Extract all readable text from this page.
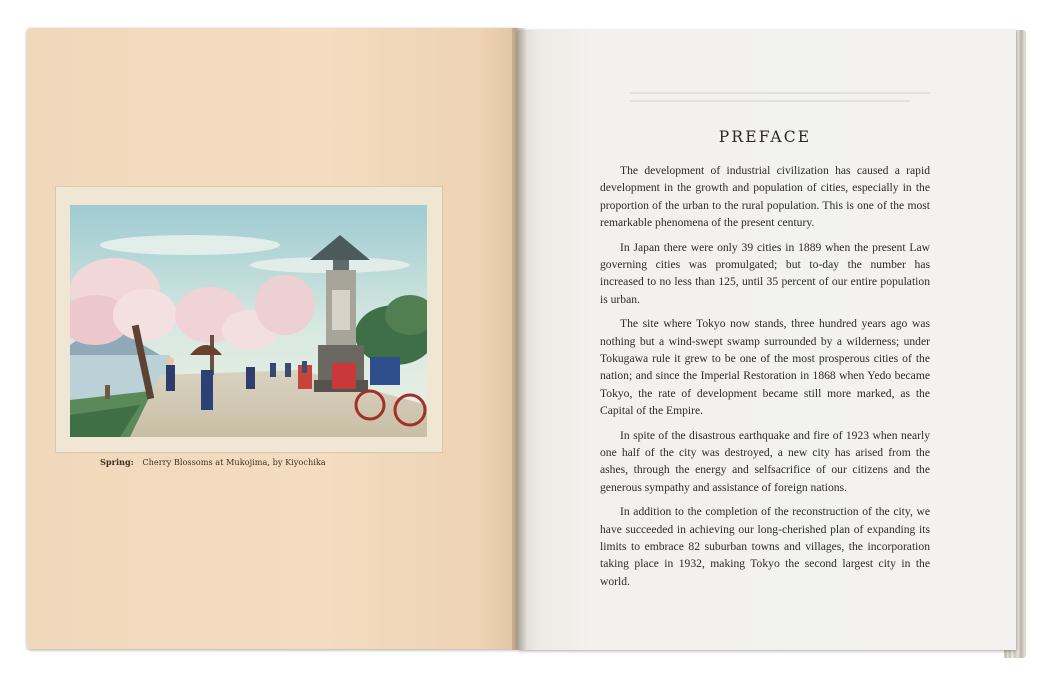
Spring: Cherry Blossoms at Mukojima, by Kiyochika
PREFACE

The development of industrial civilization has caused a rapid development in the growth and population of cities, especially in the proportion of the urban to the rural population. This is one of the most remarkable phenomena of the present century.

In Japan there were only 39 cities in 1889 when the present Law governing cities was promulgated; but to-day the number has increased to no less than 125, until 35 percent of our entire population is urban.

The site where Tokyo now stands, three hundred years ago was nothing but a wind-swept swamp surrounded by a wilderness; under Tokugawa rule it grew to be one of the most prosperous cities of the nation; and since the Imperial Restoration in 1868 when Yedo became Tokyo, the rate of development became still more marked, as the Capital of the Empire.

In spite of the disastrous earthquake and fire of 1923 when nearly one half of the city was destroyed, a new city has arised from the ashes, through the energy and selfsacrifice of our citizens and the generous sympathy and assistance of foreign nations.

In addition to the completion of the reconstruction of the city, we have succeeded in achieving our long-cherished plan of expanding its limits to embrace 82 suburban towns and villages, the incorporation taking place in 1932, making Tokyo the second largest city in the world.
